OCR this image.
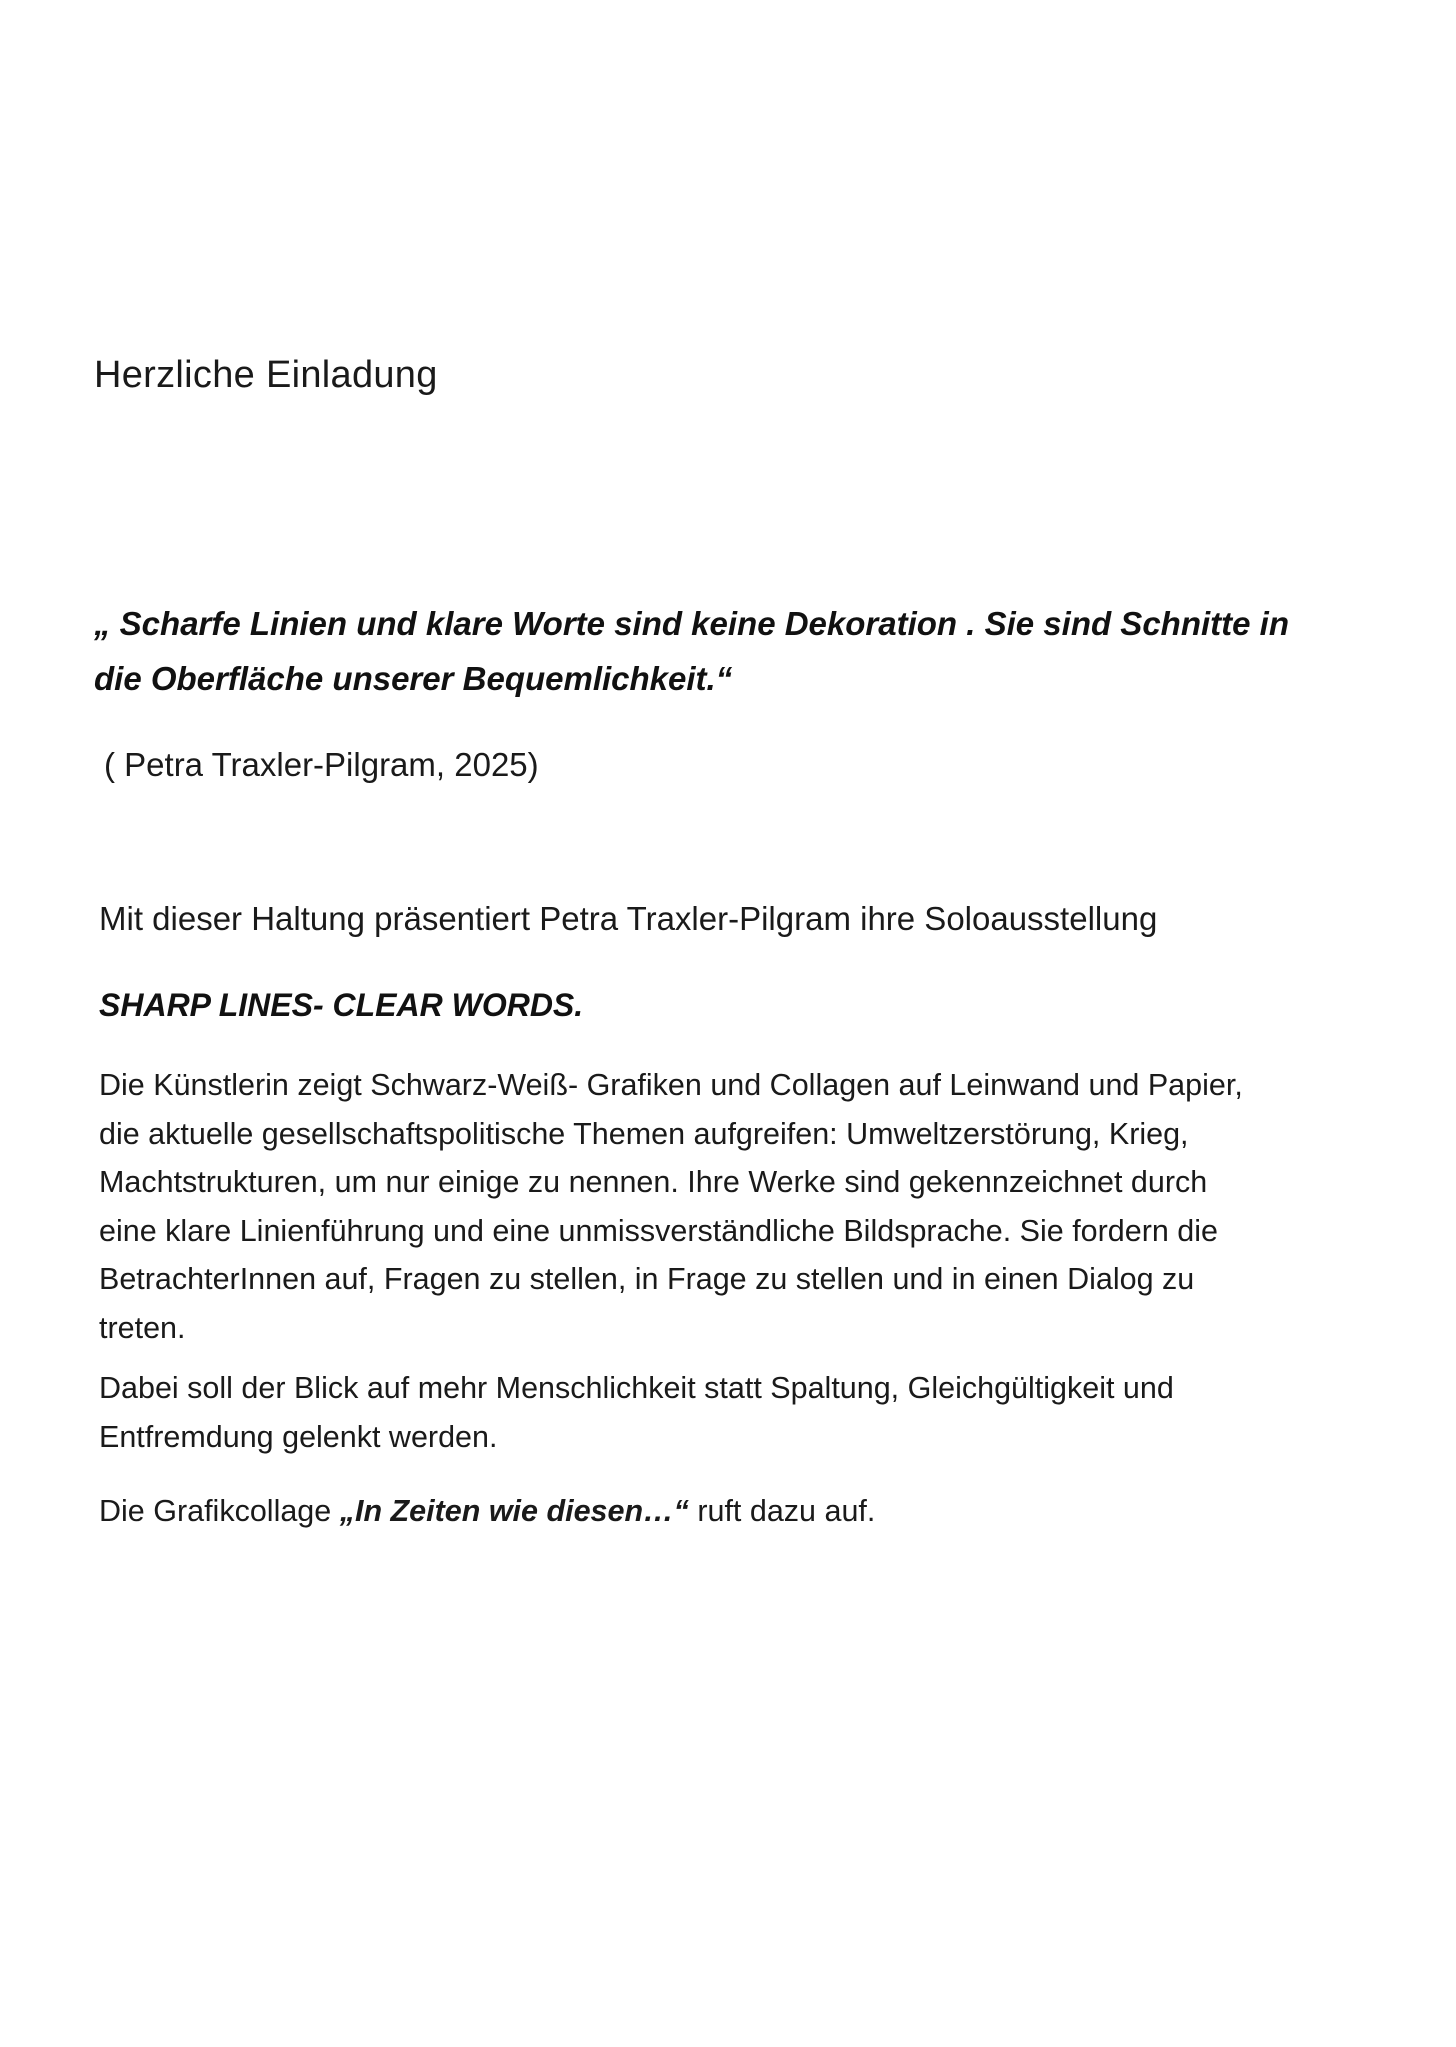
Herzliche Einladung
„ Scharfe Linien und klare Worte sind keine Dekoration . Sie sind Schnitte in
die Oberfläche unserer Bequemlichkeit.“
( Petra Traxler-Pilgram, 2025)
Mit dieser Haltung präsentiert Petra Traxler-Pilgram ihre Soloausstellung
SHARP LINES- CLEAR WORDS.
Die Künstlerin zeigt Schwarz-Weiß- Grafiken und Collagen auf Leinwand und Papier,
die aktuelle gesellschaftspolitische Themen aufgreifen: Umweltzerstörung, Krieg,
Machtstrukturen, um nur einige zu nennen. Ihre Werke sind gekennzeichnet durch
eine klare Linienführung und eine unmissverständliche Bildsprache. Sie fordern die
BetrachterInnen auf, Fragen zu stellen, in Frage zu stellen und in einen Dialog zu
treten.
Dabei soll der Blick auf mehr Menschlichkeit statt Spaltung, Gleichgültigkeit und
Entfremdung gelenkt werden.
Die Grafikcollage „In Zeiten wie diesen…“ ruft dazu auf.
